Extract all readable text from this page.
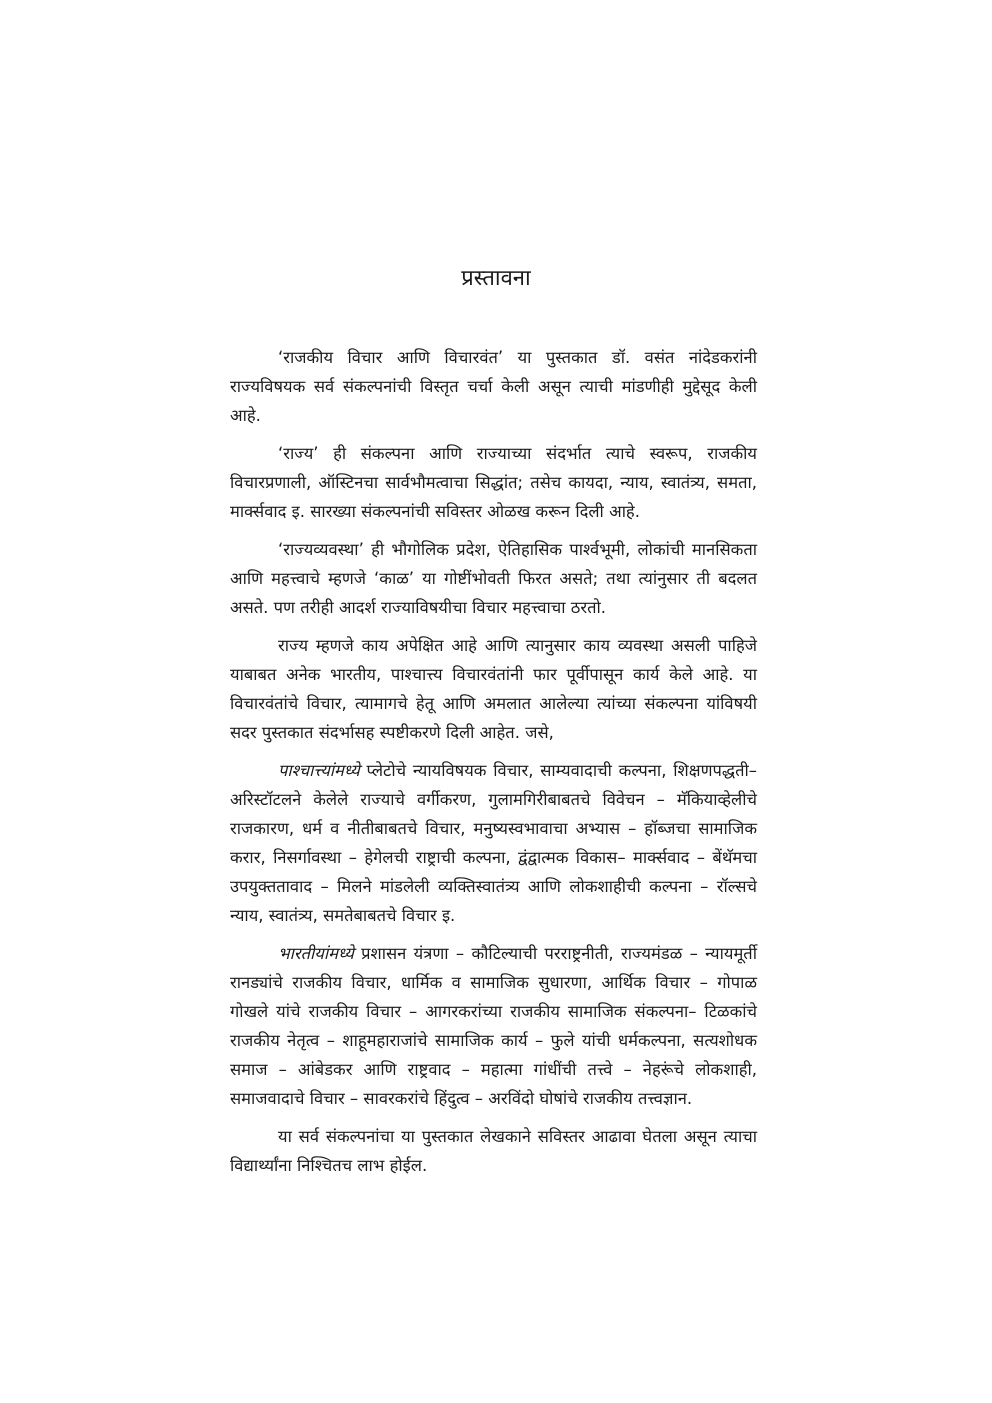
प्रस्तावना

‘राजकीय विचार आणि विचारवंत’ या पुस्तकात डॉ. वसंत नांदेडकरांनी राज्यविषयक सर्व संकल्पनांची विस्तृत चर्चा केली असून त्याची मांडणीही मुद्देसूद केली आहे.

‘राज्य’ ही संकल्पना आणि राज्याच्या संदर्भात त्याचे स्वरूप, राजकीय विचारप्रणाली, ऑस्टिनचा सार्वभौमत्वाचा सिद्धांत; तसेच कायदा, न्याय, स्वातंत्र्य, समता, मार्क्सवाद इ. सारख्या संकल्पनांची सविस्तर ओळख करून दिली आहे.

‘राज्यव्यवस्था’ ही भौगोलिक प्रदेश, ऐतिहासिक पार्श्वभूमी, लोकांची मानसिकता आणि महत्त्वाचे म्हणजे ‘काळ’ या गोष्टींभोवती फिरत असते; तथा त्यांनुसार ती बदलत असते. पण तरीही आदर्श राज्याविषयीचा विचार महत्त्वाचा ठरतो.

राज्य म्हणजे काय अपेक्षित आहे आणि त्यानुसार काय व्यवस्था असली पाहिजे याबाबत अनेक भारतीय, पाश्चात्त्य विचारवंतांनी फार पूर्वीपासून कार्य केले आहे. या विचारवंतांचे विचार, त्यामागचे हेतू आणि अमलात आलेल्या त्यांच्या संकल्पना यांविषयी सदर पुस्तकात संदर्भासह स्पष्टीकरणे दिली आहेत. जसे,

पाश्चात्त्यांमध्ये प्लेटोचे न्यायविषयक विचार, साम्यवादाची कल्पना, शिक्षणपद्धती– अरिस्टॉटलने केलेले राज्याचे वर्गीकरण, गुलामगिरीबाबतचे विवेचन – मॅकियाव्हेलीचे राजकारण, धर्म व नीतीबाबतचे विचार, मनुष्यस्वभावाचा अभ्यास – हॉब्जचा सामाजिक करार, निसर्गावस्था – हेगेलची राष्ट्राची कल्पना, द्वंद्वात्मक विकास– मार्क्सवाद – बेंथॅमचा उपयुक्ततावाद – मिलने मांडलेली व्यक्तिस्वातंत्र्य आणि लोकशाहीची कल्पना – रॉल्सचे न्याय, स्वातंत्र्य, समतेबाबतचे विचार इ.

भारतीयांमध्ये प्रशासन यंत्रणा – कौटिल्याची परराष्ट्रनीती, राज्यमंडळ – न्यायमूर्ती रानड्यांचे राजकीय विचार, धार्मिक व सामाजिक सुधारणा, आर्थिक विचार – गोपाळ गोखले यांचे राजकीय विचार – आगरकरांच्या राजकीय सामाजिक संकल्पना– टिळकांचे राजकीय नेतृत्व – शाहूमहाराजांचे सामाजिक कार्य – फुले यांची धर्मकल्पना, सत्यशोधक समाज – आंबेडकर आणि राष्ट्रवाद – महात्मा गांधींची तत्त्वे – नेहरूंचे लोकशाही, समाजवादाचे विचार – सावरकरांचे हिंदुत्व – अरविंदो घोषांचे राजकीय तत्त्वज्ञान.

या सर्व संकल्पनांचा या पुस्तकात लेखकाने सविस्तर आढावा घेतला असून त्याचा विद्यार्थ्यांना निश्चितच लाभ होईल.
